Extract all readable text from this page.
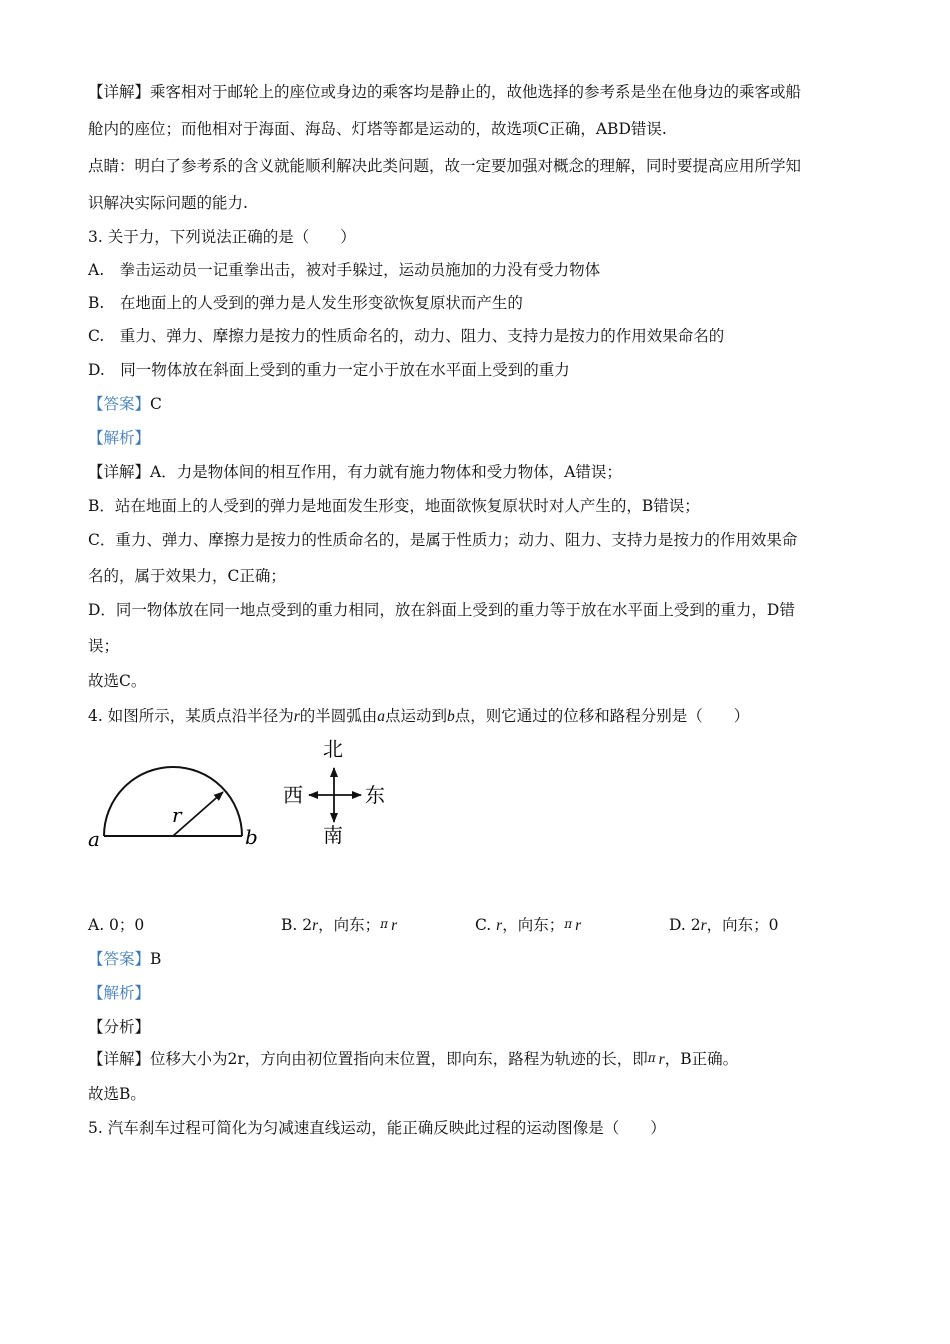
【详解】乘客相对于邮轮上的座位或身边的乘客均是静止的，故他选择的参考系是坐在他身边的乘客或船
舱内的座位；而他相对于海面、海岛、灯塔等都是运动的，故选项C正确，ABD错误.
点睛：明白了参考系的含义就能顺利解决此类问题，故一定要加强对概念的理解，同时要提高应用所学知
识解决实际问题的能力.
3. 关于力，下列说法正确的是（　　）
A.　拳击运动员一记重拳出击，被对手躲过，运动员施加的力没有受力物体
B.　在地面上的人受到的弹力是人发生形变欲恢复原状而产生的
C.　重力、弹力、摩擦力是按力的性质命名的，动力、阻力、支持力是按力的作用效果命名的
D.　同一物体放在斜面上受到的重力一定小于放在水平面上受到的重力
【答案】C
【解析】
【详解】A．力是物体间的相互作用，有力就有施力物体和受力物体，A错误；
B．站在地面上的人受到的弹力是地面发生形变，地面欲恢复原状时对人产生的，B错误；
C．重力、弹力、摩擦力是按力的性质命名的，是属于性质力；动力、阻力、支持力是按力的作用效果命
名的，属于效果力，C正确；
D．同一物体放在同一地点受到的重力相同，放在斜面上受到的重力等于放在水平面上受到的重力，D错
误；
故选C。
4. 如图所示，某质点沿半径为r的半圆弧由a点运动到b点，则它通过的位移和路程分别是（　　）
r
a	b
北
南
西	东
A. 0；0	B. 2r，向东；π r	C. r，向东；π r	D. 2r，向东；0
【答案】B
【解析】
【分析】
【详解】位移大小为2r，方向由初位置指向末位置，即向东，路程为轨迹的长，即π r，B正确。
故选B。
5. 汽车刹车过程可简化为匀减速直线运动，能正确反映此过程的运动图像是（　　）
